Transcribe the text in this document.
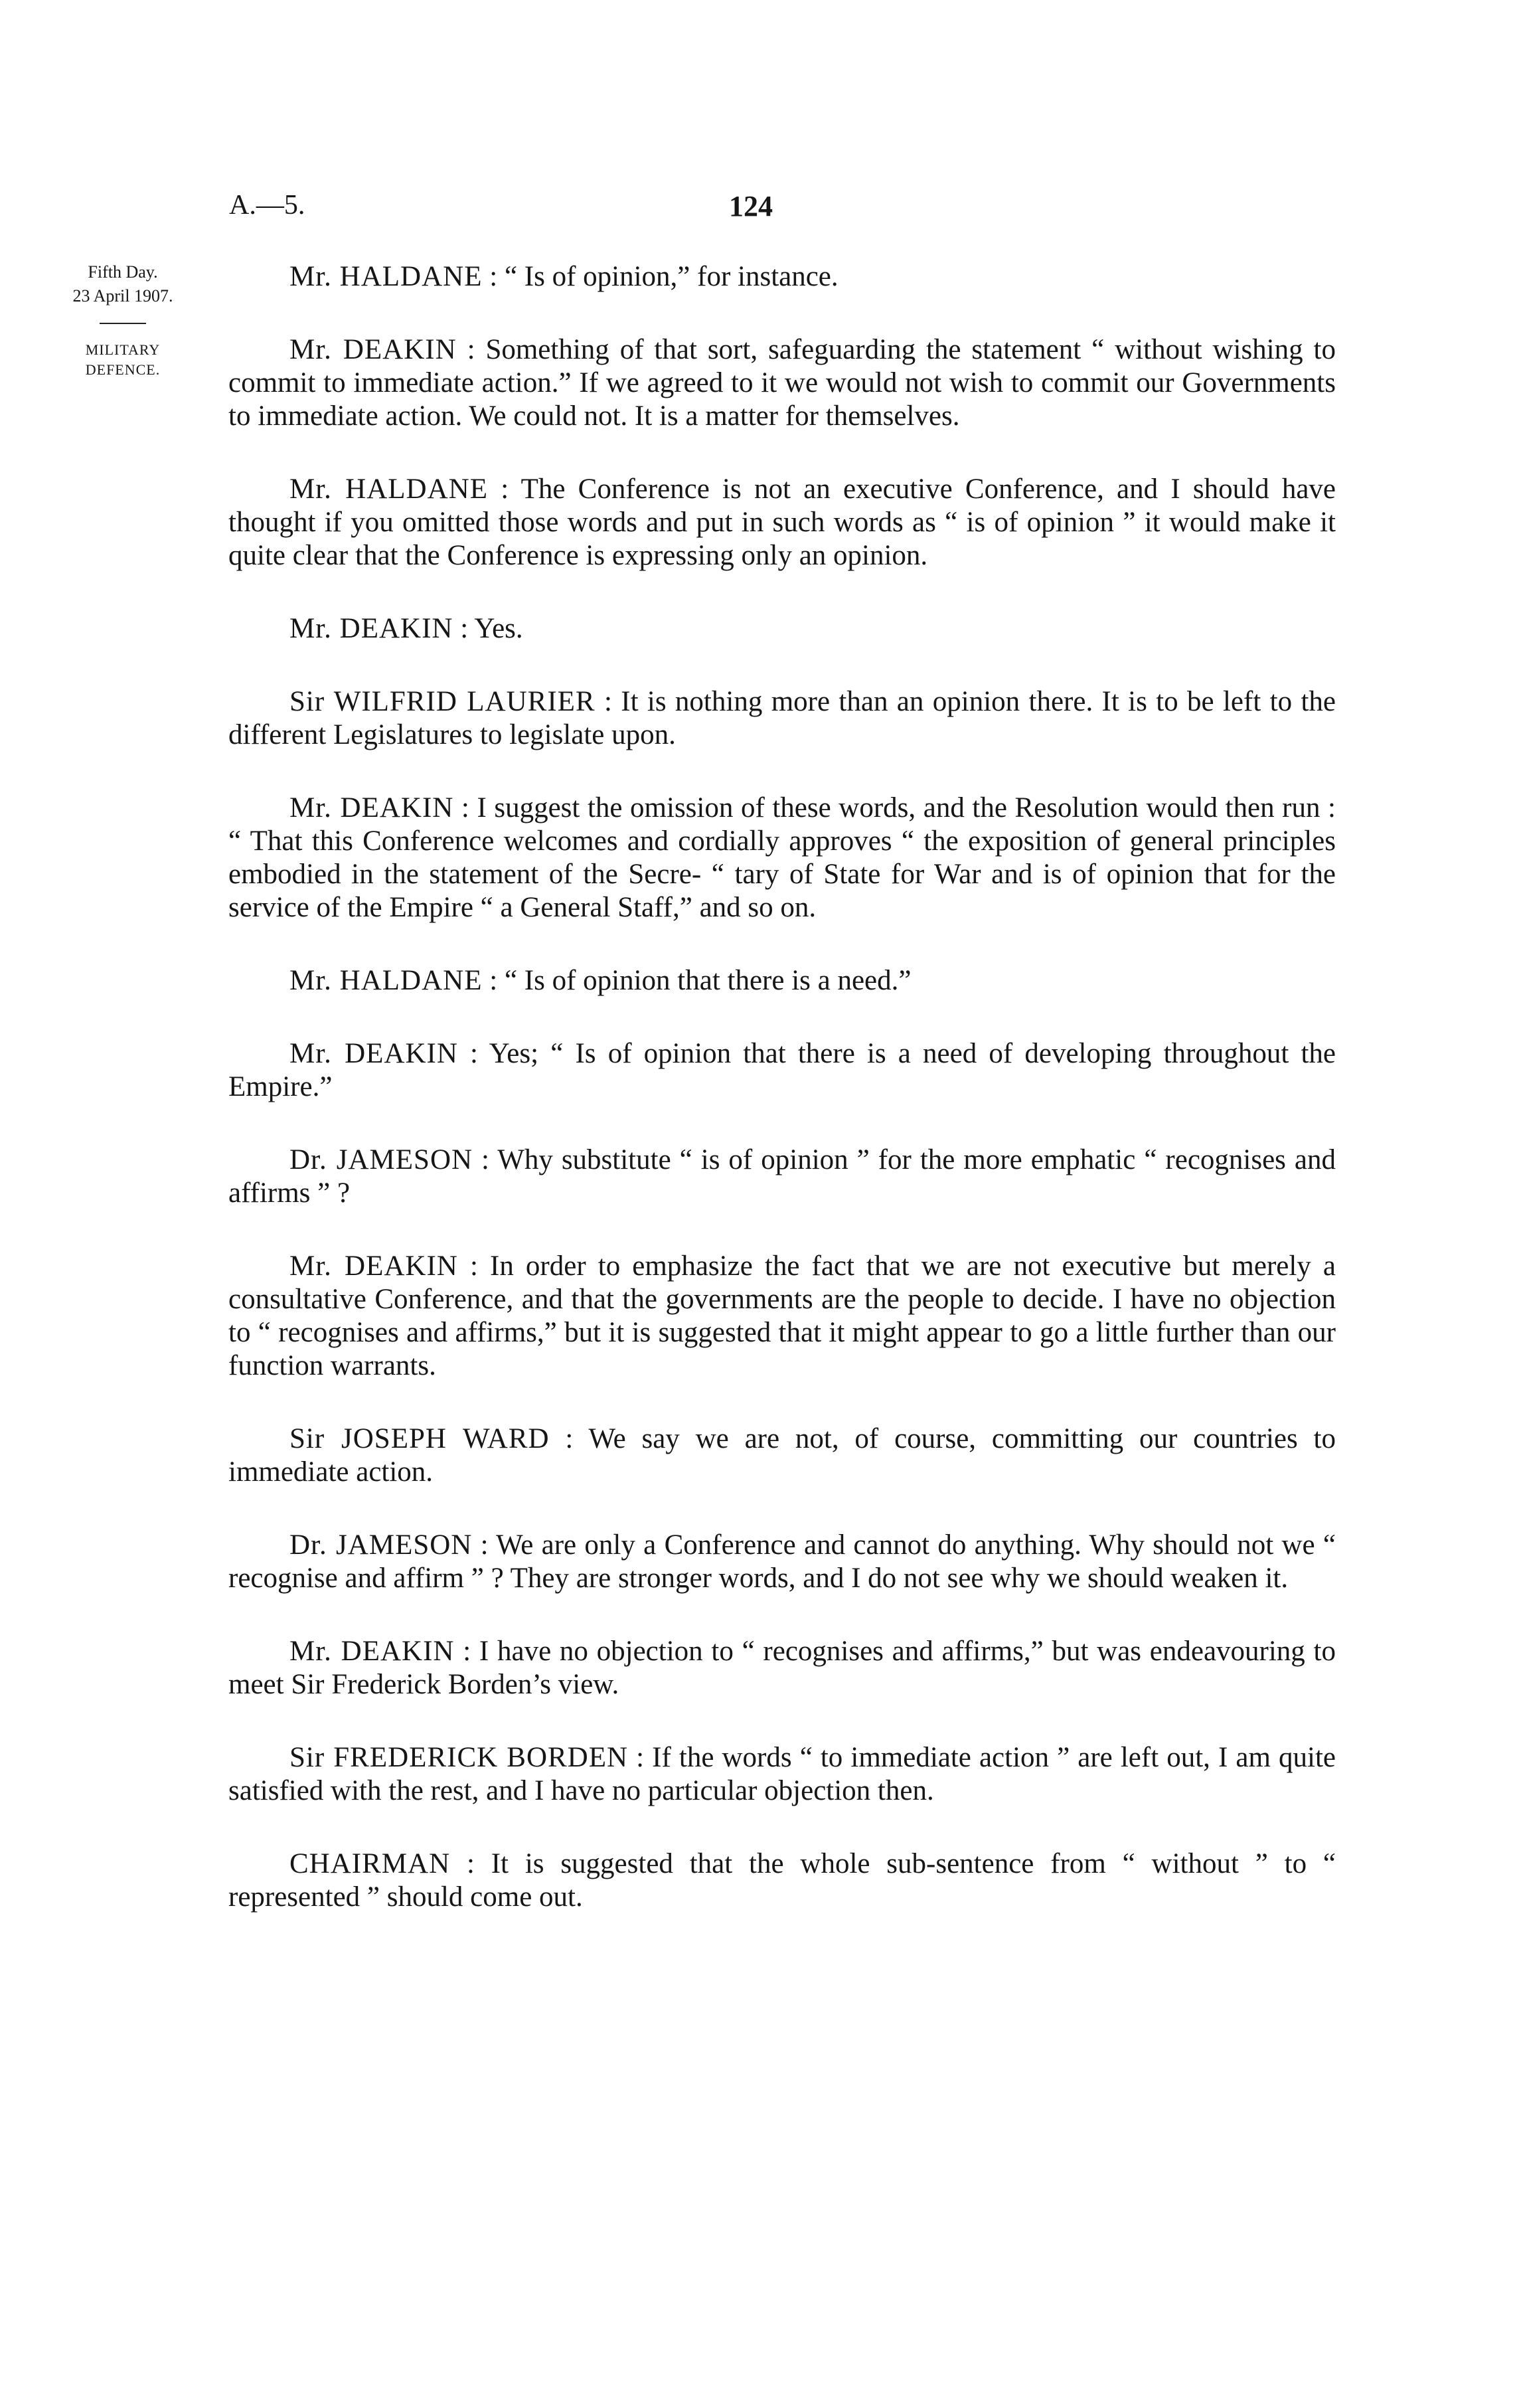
A.—5.	124
Fifth Day.
23 April 1907.
MILITARY
DEFENCE.

Mr. HALDANE : “ Is of opinion,” for instance.

Mr. DEAKIN : Something of that sort, safeguarding the statement “ without wishing to commit to immediate action.” If we agreed to it we would not wish to commit our Governments to immediate action. We could not. It is a matter for themselves.

Mr. HALDANE : The Conference is not an executive Conference, and I should have thought if you omitted those words and put in such words as “ is of opinion ” it would make it quite clear that the Conference is expressing only an opinion.

Mr. DEAKIN : Yes.

Sir WILFRID LAURIER : It is nothing more than an opinion there. It is to be left to the different Legislatures to legislate upon.

Mr. DEAKIN : I suggest the omission of these words, and the Resolution would then run : “ That this Conference welcomes and cordially approves “ the exposition of general principles embodied in the statement of the Secre- “ tary of State for War and is of opinion that for the service of the Empire “ a General Staff,” and so on.

Mr. HALDANE : “ Is of opinion that there is a need.”

Mr. DEAKIN : Yes; “ Is of opinion that there is a need of developing throughout the Empire.”

Dr. JAMESON : Why substitute “ is of opinion ” for the more emphatic “ recognises and affirms ” ?

Mr. DEAKIN : In order to emphasize the fact that we are not executive but merely a consultative Conference, and that the governments are the people to decide. I have no objection to “ recognises and affirms,” but it is suggested that it might appear to go a little further than our function warrants.

Sir JOSEPH WARD : We say we are not, of course, committing our countries to immediate action.

Dr. JAMESON : We are only a Conference and cannot do anything. Why should not we “ recognise and affirm ” ? They are stronger words, and I do not see why we should weaken it.

Mr. DEAKIN : I have no objection to “ recognises and affirms,” but was endeavouring to meet Sir Frederick Borden’s view.

Sir FREDERICK BORDEN : If the words “ to immediate action ” are left out, I am quite satisfied with the rest, and I have no particular objection then.

CHAIRMAN : It is suggested that the whole sub-sentence from “ without ” to “ represented ” should come out.
